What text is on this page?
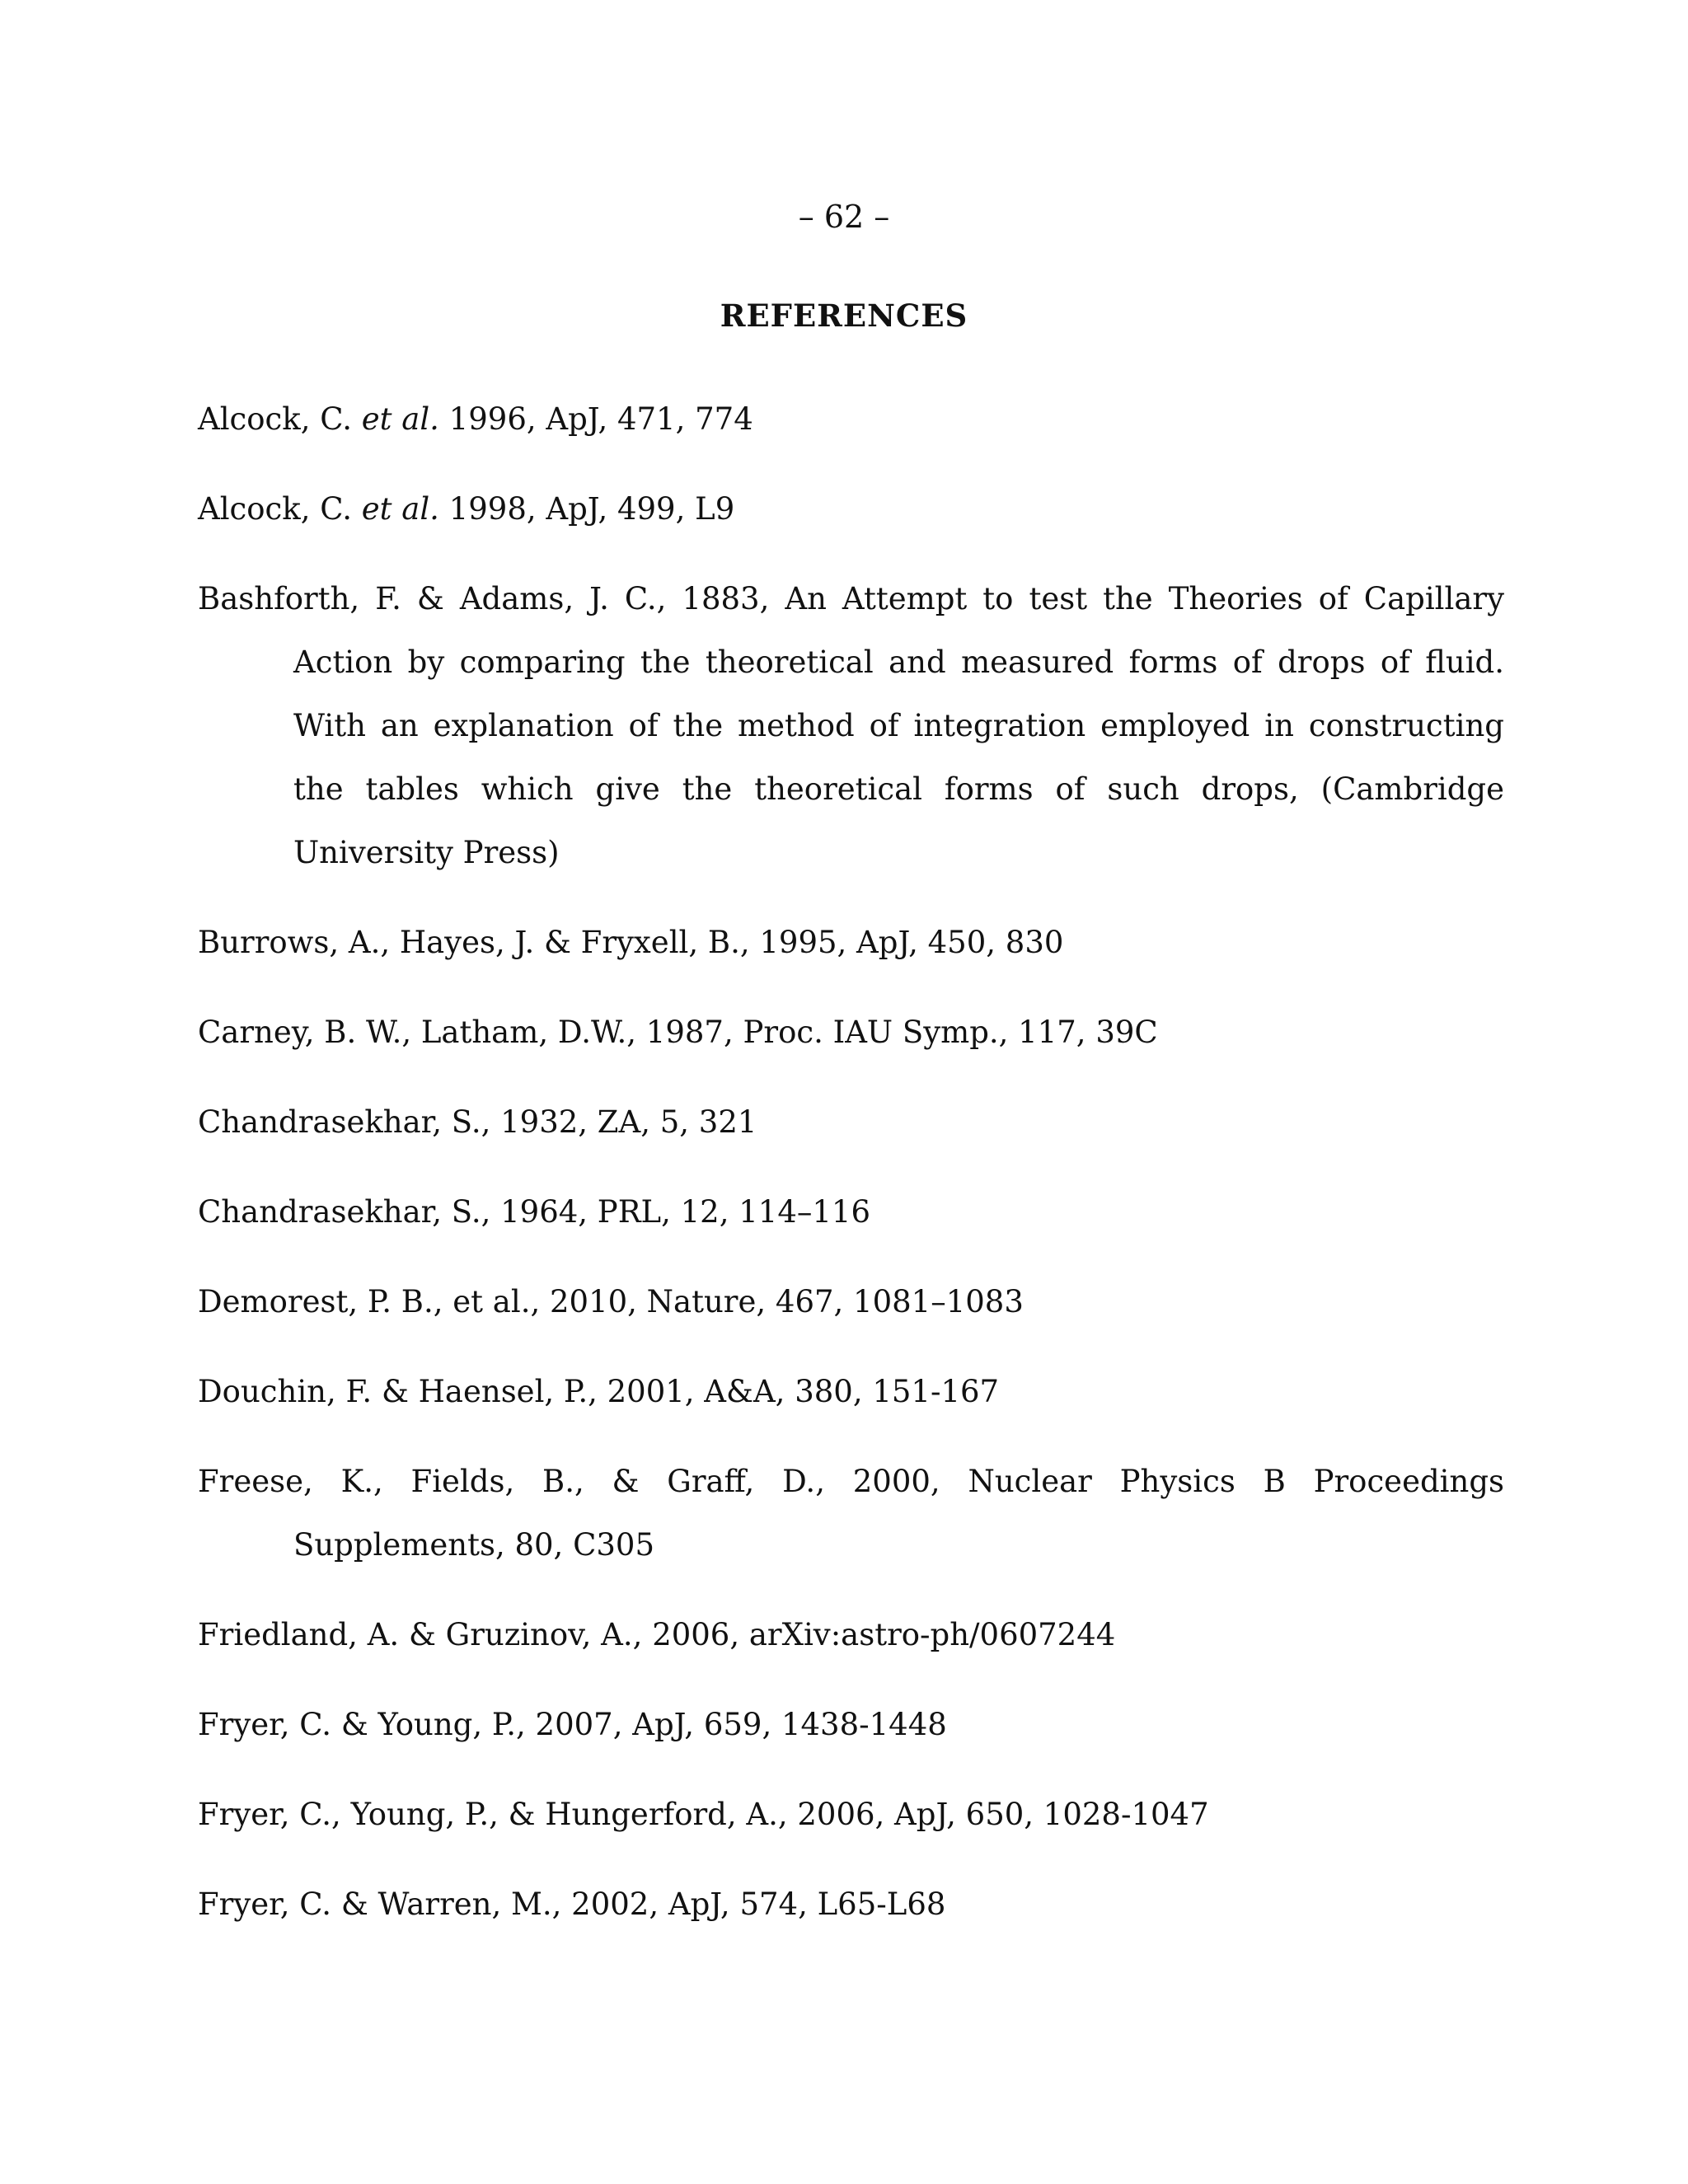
– 62 –
REFERENCES
Alcock, C. et al. 1996, ApJ, 471, 774
Alcock, C. et al. 1998, ApJ, 499, L9
Bashforth, F. & Adams, J. C., 1883, An Attempt to test the Theories of Capillary Action by comparing the theoretical and measured forms of drops of fluid. With an explanation of the method of integration employed in constructing the tables which give the theoretical forms of such drops, (Cambridge University Press)
Burrows, A., Hayes, J. & Fryxell, B., 1995, ApJ, 450, 830
Carney, B. W., Latham, D.W., 1987, Proc. IAU Symp., 117, 39C
Chandrasekhar, S., 1932, ZA, 5, 321
Chandrasekhar, S., 1964, PRL, 12, 114–116
Demorest, P. B., et al., 2010, Nature, 467, 1081–1083
Douchin, F. & Haensel, P., 2001, A&A, 380, 151-167
Freese, K., Fields, B., & Graff, D., 2000, Nuclear Physics B Proceedings Supplements, 80, C305
Friedland, A. & Gruzinov, A., 2006, arXiv:astro-ph/0607244
Fryer, C. & Young, P., 2007, ApJ, 659, 1438-1448
Fryer, C., Young, P., & Hungerford, A., 2006, ApJ, 650, 1028-1047
Fryer, C. & Warren, M., 2002, ApJ, 574, L65-L68
